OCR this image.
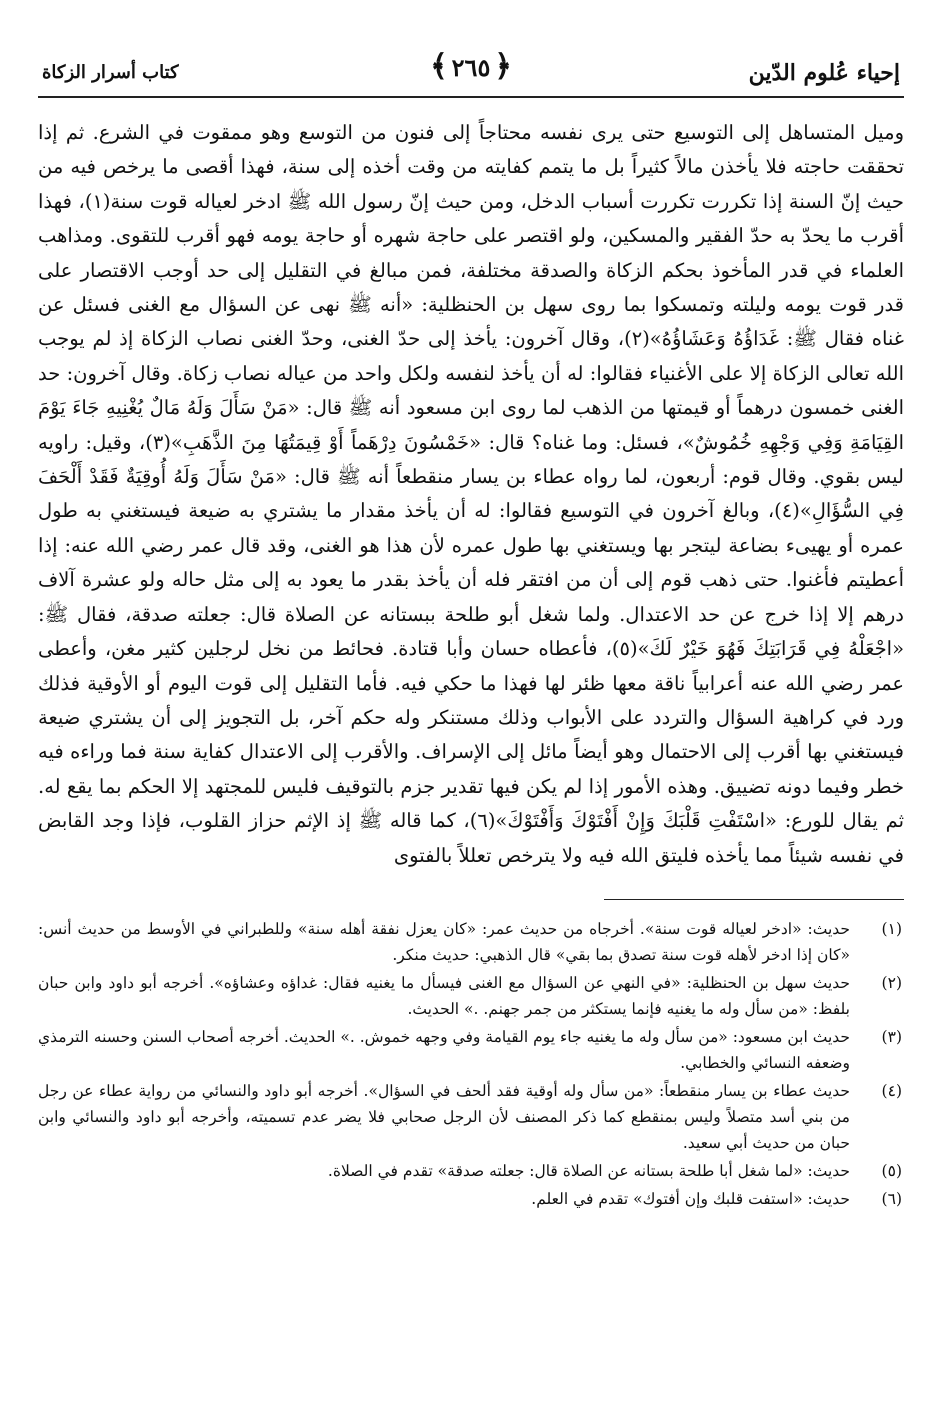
إحياء عُلوم الدّين
﴿
٢٦٥
﴾
كتاب أسرار الزكاة

وميل المتساهل إلى التوسيع حتى يرى نفسه محتاجاً إلى فنون من التوسع وهو ممقوت في الشرع. ثم إذا تحققت حاجته فلا يأخذن مالاً كثيراً بل ما يتمم كفايته من وقت أخذه إلى سنة، فهذا أقصى ما يرخص فيه من حيث إنّ السنة إذا تكررت تكررت أسباب الدخل، ومن حيث إنّ رسول الله ﷺ ادخر لعياله قوت سنة(١)، فهذا أقرب ما يحدّ به حدّ الفقير والمسكين، ولو اقتصر على حاجة شهره أو حاجة يومه فهو أقرب للتقوى. ومذاهب العلماء في قدر المأخوذ بحكم الزكاة والصدقة مختلفة، فمن مبالغ في التقليل إلى حد أوجب الاقتصار على قدر قوت يومه وليلته وتمسكوا بما روى سهل بن الحنظلية: «أنه ﷺ نهى عن السؤال مع الغنى فسئل عن غناه فقال ﷺ: غَدَاؤُهُ وَعَشَاؤُهُ»(٢)، وقال آخرون: يأخذ إلى حدّ الغنى، وحدّ الغنى نصاب الزكاة إذ لم يوجب الله تعالى الزكاة إلا على الأغنياء فقالوا: له أن يأخذ لنفسه ولكل واحد من عياله نصاب زكاة. وقال آخرون: حد الغنى خمسون درهماً أو قيمتها من الذهب لما روى ابن مسعود أنه ﷺ قال: «مَنْ سَأَلَ وَلَهُ مَالٌ يُغْنِيهِ جَاءَ يَوْمَ القِيَامَةِ وَفِي وَجْهِهِ خُمُوشٌ»، فسئل: وما غناه؟ قال: «خَمْسُونَ دِرْهَماً أَوْ قِيمَتُهَا مِنَ الذَّهَبِ»(٣)، وقيل: راويه ليس بقوي. وقال قوم: أربعون، لما رواه عطاء بن يسار منقطعاً أنه ﷺ قال: «مَنْ سَأَلَ وَلَهُ أُوقِيَةٌ فَقَدْ أَلْحَفَ فِي السُّؤَالِ»(٤)، وبالغ آخرون في التوسيع فقالوا: له أن يأخذ مقدار ما يشتري به ضيعة فيستغني به طول عمره أو يهيىء بضاعة ليتجر بها ويستغني بها طول عمره لأن هذا هو الغنى، وقد قال عمر رضي الله عنه: إذا أعطيتم فأغنوا. حتى ذهب قوم إلى أن من افتقر فله أن يأخذ بقدر ما يعود به إلى مثل حاله ولو عشرة آلاف درهم إلا إذا خرج عن حد الاعتدال. ولما شغل أبو طلحة ببستانه عن الصلاة قال: جعلته صدقة، فقال ﷺ: «اجْعَلْهُ فِي قَرَابَتِكَ فَهُوَ خَيْرٌ لَكَ»(٥)، فأعطاه حسان وأبا قتادة. فحائط من نخل لرجلين كثير مغن، وأعطى عمر رضي الله عنه أعرابياً ناقة معها ظئر لها فهذا ما حكي فيه. فأما التقليل إلى قوت اليوم أو الأوقية فذلك ورد في كراهية السؤال والتردد على الأبواب وذلك مستنكر وله حكم آخر، بل التجويز إلى أن يشتري ضيعة فيستغني بها أقرب إلى الاحتمال وهو أيضاً مائل إلى الإسراف. والأقرب إلى الاعتدال كفاية سنة فما وراءه فيه خطر وفيما دونه تضييق. وهذه الأمور إذا لم يكن فيها تقدير جزم بالتوقيف فليس للمجتهد إلا الحكم بما يقع له. ثم يقال للورع: «اسْتَفْتِ قَلْبَكَ وَإِنْ أَفْتَوْكَ وَأَفْتَوْكَ»(٦)، كما قاله ﷺ إذ الإثم حزاز القلوب، فإذا وجد القابض في نفسه شيئاً مما يأخذه فليتق الله فيه ولا يترخص تعللاً بالفتوى

(١)
حديث: «ادخر لعياله قوت سنة». أخرجاه من حديث عمر: «كان يعزل نفقة أهله سنة» وللطبراني في الأوسط من حديث أنس: «كان إذا ادخر لأهله قوت سنة تصدق بما بقي» قال الذهبي: حديث منكر.
(٢)
حديث سهل بن الحنظلية: «في النهي عن السؤال مع الغنى فيسأل ما يغنيه فقال: غداؤه وعشاؤه». أخرجه أبو داود وابن حبان بلفظ: «من سأل وله ما يغنيه فإنما يستكثر من جمر جهنم. .» الحديث.
(٣)
حديث ابن مسعود: «من سأل وله ما يغنيه جاء يوم القيامة وفي وجهه خموش. .» الحديث. أخرجه أصحاب السنن وحسنه الترمذي وضعفه النسائي والخطابي.
(٤)
حديث عطاء بن يسار منقطعاً: «من سأل وله أوقية فقد ألحف في السؤال». أخرجه أبو داود والنسائي من رواية عطاء عن رجل من بني أسد متصلاً وليس بمنقطع كما ذكر المصنف لأن الرجل صحابي فلا يضر عدم تسميته، وأخرجه أبو داود والنسائي وابن حبان من حديث أبي سعيد.
(٥)
حديث: «لما شغل أبا طلحة بستانه عن الصلاة قال: جعلته صدقة» تقدم في الصلاة.
(٦)
حديث: «استفت قلبك وإن أفتوك» تقدم في العلم.
